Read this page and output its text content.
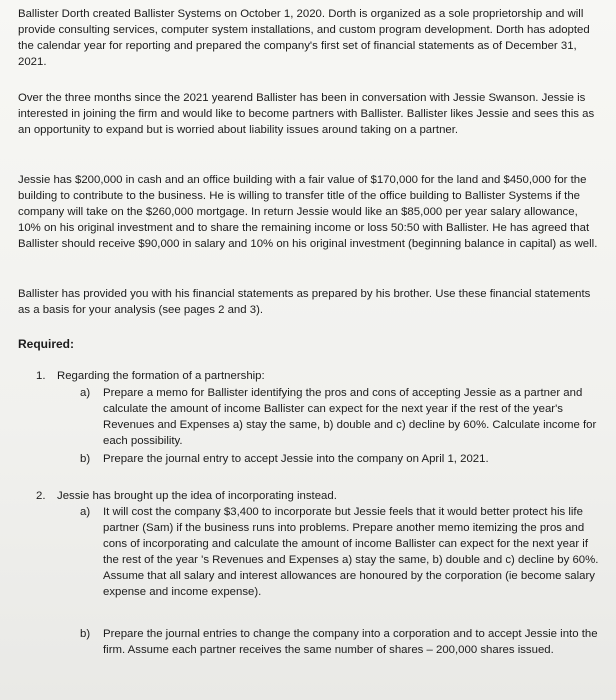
Ballister Dorth created Ballister Systems on October 1, 2020. Dorth is organized as a sole proprietorship and will provide consulting services, computer system installations, and custom program development. Dorth has adopted the calendar year for reporting and prepared the company's first set of financial statements as of December 31, 2021.
Over the three months since the 2021 yearend Ballister has been in conversation with Jessie Swanson. Jessie is interested in joining the firm and would like to become partners with Ballister. Ballister likes Jessie and sees this as an opportunity to expand but is worried about liability issues around taking on a partner.
Jessie has $200,000 in cash and an office building with a fair value of $170,000 for the land and $450,000 for the building to contribute to the business. He is willing to transfer title of the office building to Ballister Systems if the company will take on the $260,000 mortgage. In return Jessie would like an $85,000 per year salary allowance, 10% on his original investment and to share the remaining income or loss 50:50 with Ballister. He has agreed that Ballister should receive $90,000 in salary and 10% on his original investment (beginning balance in capital) as well.
Ballister has provided you with his financial statements as prepared by his brother. Use these financial statements as a basis for your analysis (see pages 2 and 3).
Required:
1. Regarding the formation of a partnership:
a) Prepare a memo for Ballister identifying the pros and cons of accepting Jessie as a partner and calculate the amount of income Ballister can expect for the next year if the rest of the year's Revenues and Expenses a) stay the same, b) double and c) decline by 60%. Calculate income for each possibility.
b) Prepare the journal entry to accept Jessie into the company on April 1, 2021.
2. Jessie has brought up the idea of incorporating instead.
a) It will cost the company $3,400 to incorporate but Jessie feels that it would better protect his life partner (Sam) if the business runs into problems. Prepare another memo itemizing the pros and cons of incorporating and calculate the amount of income Ballister can expect for the next year if the rest of the year 's Revenues and Expenses a) stay the same, b) double and c) decline by 60%. Assume that all salary and interest allowances are honoured by the corporation (ie become salary expense and income expense).
b) Prepare the journal entries to change the company into a corporation and to accept Jessie into the firm. Assume each partner receives the same number of shares – 200,000 shares issued.
